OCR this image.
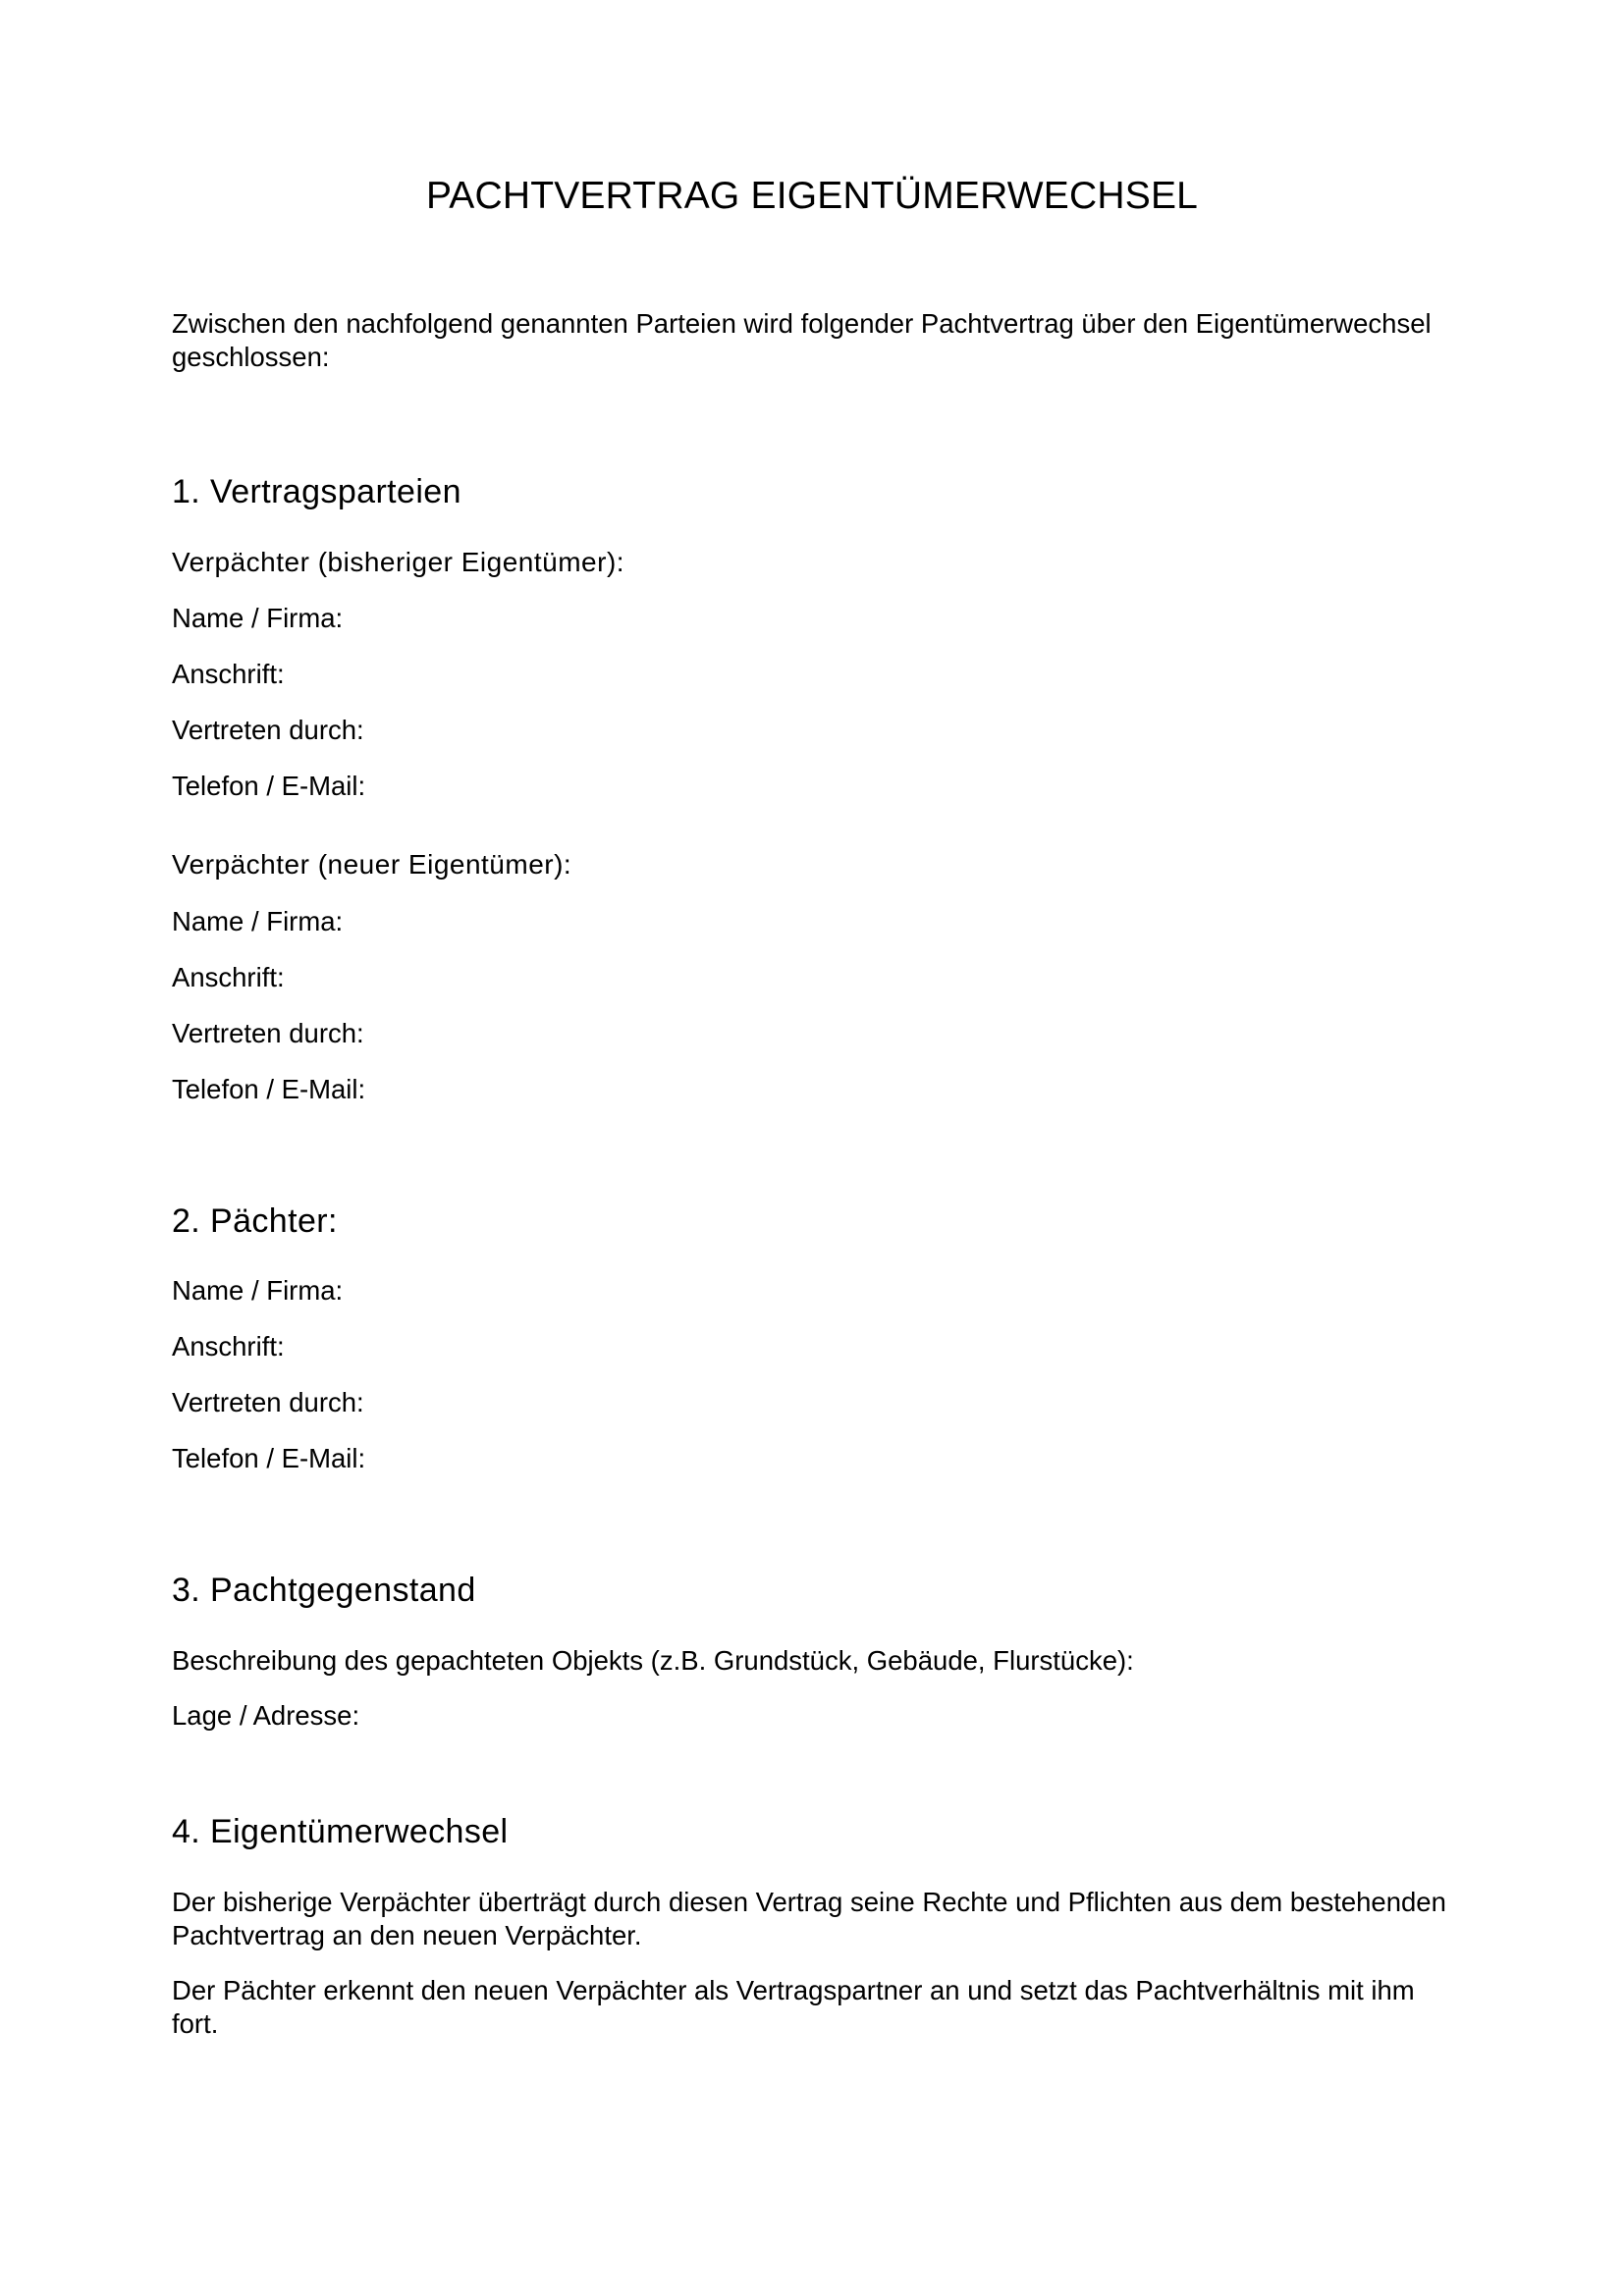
PACHTVERTRAG EIGENTÜMERWECHSEL

Zwischen den nachfolgend genannten Parteien wird folgender Pachtvertrag über den Eigentümerwechsel geschlossen:

1. Vertragsparteien

Verpächter (bisheriger Eigentümer):

Name / Firma:

Anschrift:

Vertreten durch:

Telefon / E-Mail:

Verpächter (neuer Eigentümer):

Name / Firma:

Anschrift:

Vertreten durch:

Telefon / E-Mail:

2. Pächter:

Name / Firma:

Anschrift:

Vertreten durch:

Telefon / E-Mail:

3. Pachtgegenstand

Beschreibung des gepachteten Objekts (z.B. Grundstück, Gebäude, Flurstücke):

Lage / Adresse:

4. Eigentümerwechsel

Der bisherige Verpächter überträgt durch diesen Vertrag seine Rechte und Pflichten aus dem bestehenden Pachtvertrag an den neuen Verpächter.

Der Pächter erkennt den neuen Verpächter als Vertragspartner an und setzt das Pachtverhältnis mit ihm fort.
